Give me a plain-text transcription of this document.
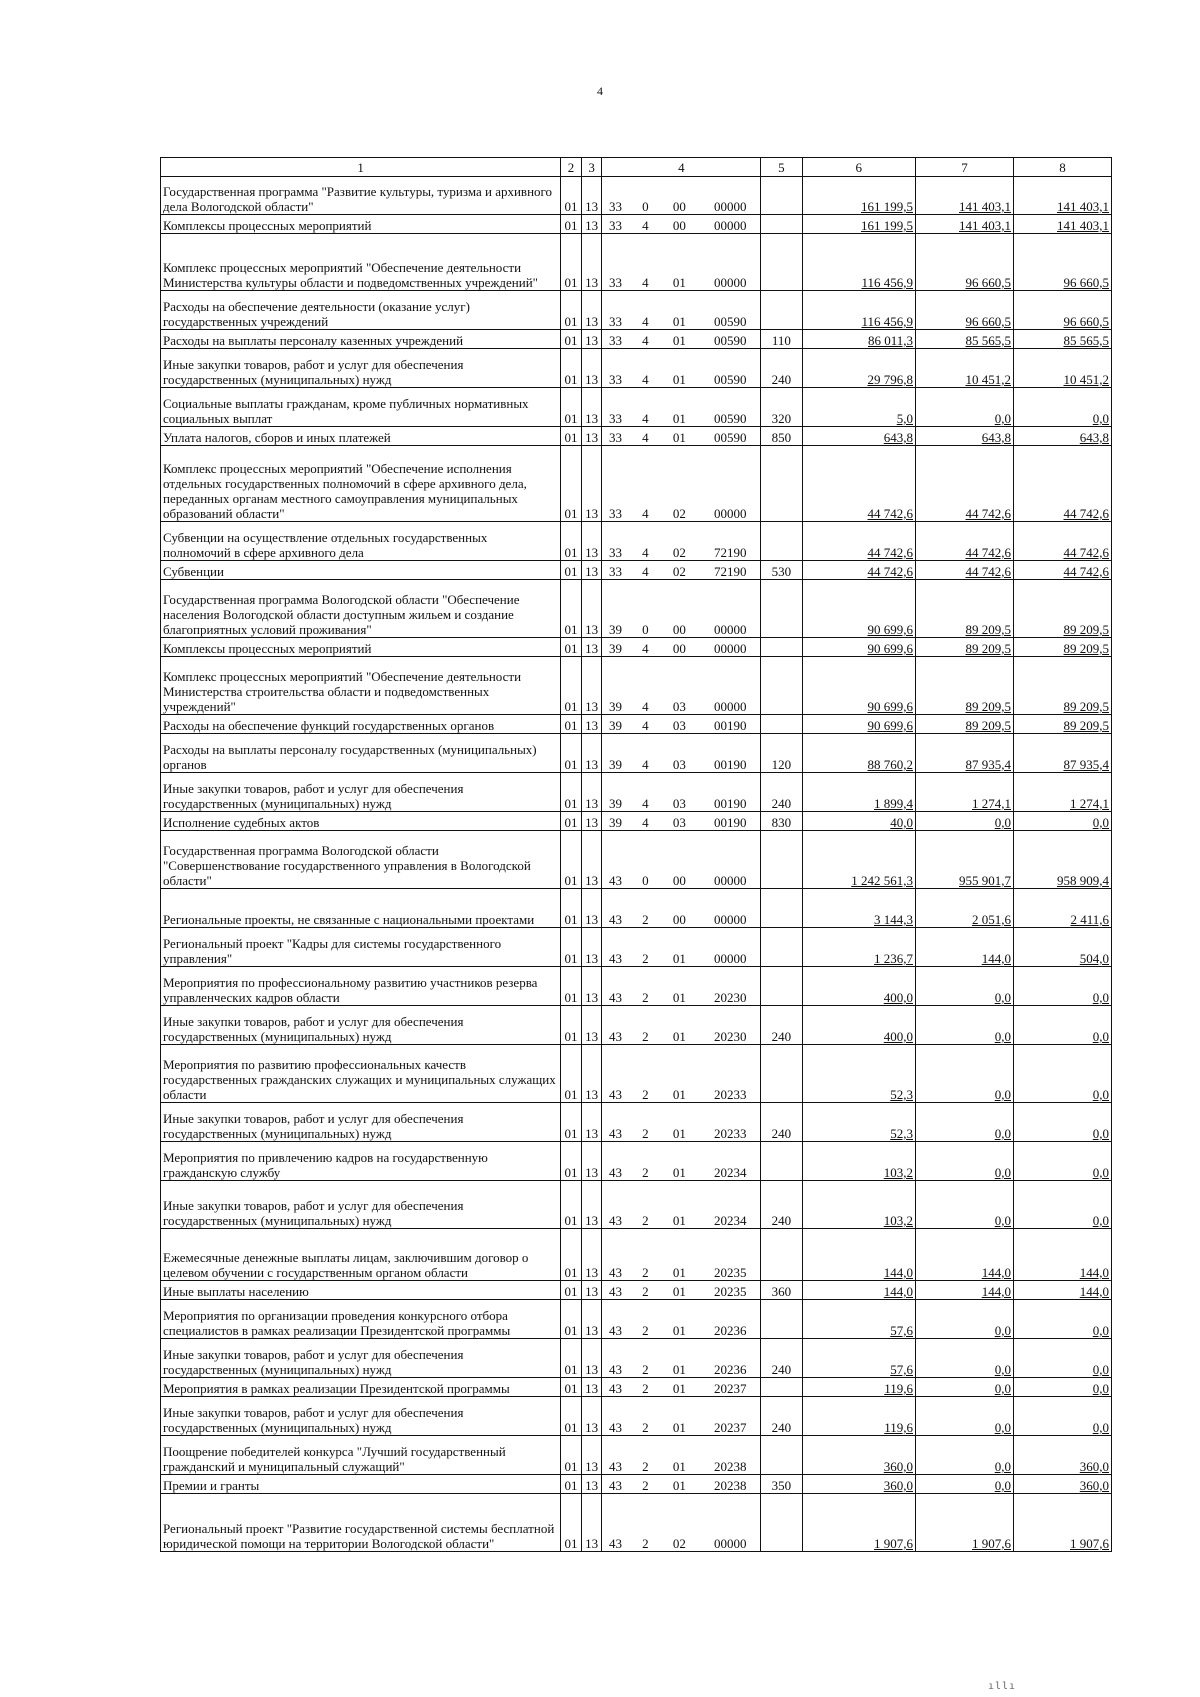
4
1	2	3	4	5	6	7	8
Государственная программа "Развитие культуры, туризма и архивного дела Вологодской области"	01	13	33 0 00 00000		161 199,5	141 403,1	141 403,1
Комплексы процессных мероприятий	01	13	33 4 00 00000		161 199,5	141 403,1	141 403,1
Комплекс процессных мероприятий "Обеспечение деятельности Министерства культуры области и подведомственных учреждений"	01	13	33 4 01 00000		116 456,9	96 660,5	96 660,5
Расходы на обеспечение деятельности (оказание услуг) государственных учреждений	01	13	33 4 01 00590		116 456,9	96 660,5	96 660,5
Расходы на выплаты персоналу казенных учреждений	01	13	33 4 01 00590	110	86 011,3	85 565,5	85 565,5
Иные закупки товаров, работ и услуг для обеспечения государственных (муниципальных) нужд	01	13	33 4 01 00590	240	29 796,8	10 451,2	10 451,2
Социальные выплаты гражданам, кроме публичных нормативных социальных выплат	01	13	33 4 01 00590	320	5,0	0,0	0,0
Уплата налогов, сборов и иных платежей	01	13	33 4 01 00590	850	643,8	643,8	643,8
Комплекс процессных мероприятий "Обеспечение исполнения отдельных государственных полномочий в сфере архивного дела, переданных органам местного самоуправления муниципальных образований области"	01	13	33 4 02 00000		44 742,6	44 742,6	44 742,6
Субвенции на осуществление отдельных государственных полномочий в сфере архивного дела	01	13	33 4 02 72190		44 742,6	44 742,6	44 742,6
Субвенции	01	13	33 4 02 72190	530	44 742,6	44 742,6	44 742,6
Государственная программа Вологодской области "Обеспечение населения Вологодской области доступным жильем и создание благоприятных условий проживания"	01	13	39 0 00 00000		90 699,6	89 209,5	89 209,5
Комплексы процессных мероприятий	01	13	39 4 00 00000		90 699,6	89 209,5	89 209,5
Комплекс процессных мероприятий "Обеспечение деятельности Министерства строительства области и подведомственных учреждений"	01	13	39 4 03 00000		90 699,6	89 209,5	89 209,5
Расходы на обеспечение функций государственных органов	01	13	39 4 03 00190		90 699,6	89 209,5	89 209,5
Расходы на выплаты персоналу государственных (муниципальных) органов	01	13	39 4 03 00190	120	88 760,2	87 935,4	87 935,4
Иные закупки товаров, работ и услуг для обеспечения государственных (муниципальных) нужд	01	13	39 4 03 00190	240	1 899,4	1 274,1	1 274,1
Исполнение судебных актов	01	13	39 4 03 00190	830	40,0	0,0	0,0
Государственная программа Вологодской области "Совершенствование государственного управления в Вологодской области"	01	13	43 0 00 00000		1 242 561,3	955 901,7	958 909,4
Региональные проекты, не связанные с национальными проектами	01	13	43 2 00 00000		3 144,3	2 051,6	2 411,6
Региональный проект "Кадры для системы государственного управления"	01	13	43 2 01 00000		1 236,7	144,0	504,0
Мероприятия по профессиональному развитию участников резерва управленческих кадров области	01	13	43 2 01 20230		400,0	0,0	0,0
Иные закупки товаров, работ и услуг для обеспечения государственных (муниципальных) нужд	01	13	43 2 01 20230	240	400,0	0,0	0,0
Мероприятия по развитию профессиональных качеств государственных гражданских служащих и муниципальных служащих области	01	13	43 2 01 20233		52,3	0,0	0,0
Иные закупки товаров, работ и услуг для обеспечения государственных (муниципальных) нужд	01	13	43 2 01 20233	240	52,3	0,0	0,0
Мероприятия по привлечению кадров на государственную гражданскую службу	01	13	43 2 01 20234		103,2	0,0	0,0
Иные закупки товаров, работ и услуг для обеспечения государственных (муниципальных) нужд	01	13	43 2 01 20234	240	103,2	0,0	0,0
Ежемесячные денежные выплаты лицам, заключившим договор о целевом обучении с государственным органом области	01	13	43 2 01 20235		144,0	144,0	144,0
Иные выплаты населению	01	13	43 2 01 20235	360	144,0	144,0	144,0
Мероприятия по организации проведения конкурсного отбора специалистов в рамках реализации Президентской программы	01	13	43 2 01 20236		57,6	0,0	0,0
Иные закупки товаров, работ и услуг для обеспечения государственных (муниципальных) нужд	01	13	43 2 01 20236	240	57,6	0,0	0,0
Мероприятия в рамках реализации Президентской программы	01	13	43 2 01 20237		119,6	0,0	0,0
Иные закупки товаров, работ и услуг для обеспечения государственных (муниципальных) нужд	01	13	43 2 01 20237	240	119,6	0,0	0,0
Поощрение победителей конкурса "Лучший государственный гражданский и муниципальный служащий"	01	13	43 2 01 20238		360,0	0,0	360,0
Премии и гранты	01	13	43 2 01 20238	350	360,0	0,0	360,0
Региональный проект "Развитие государственной системы бесплатной юридической помощи на территории Вологодской области"	01	13	43 2 02 00000		1 907,6	1 907,6	1 907,6
ıllı
